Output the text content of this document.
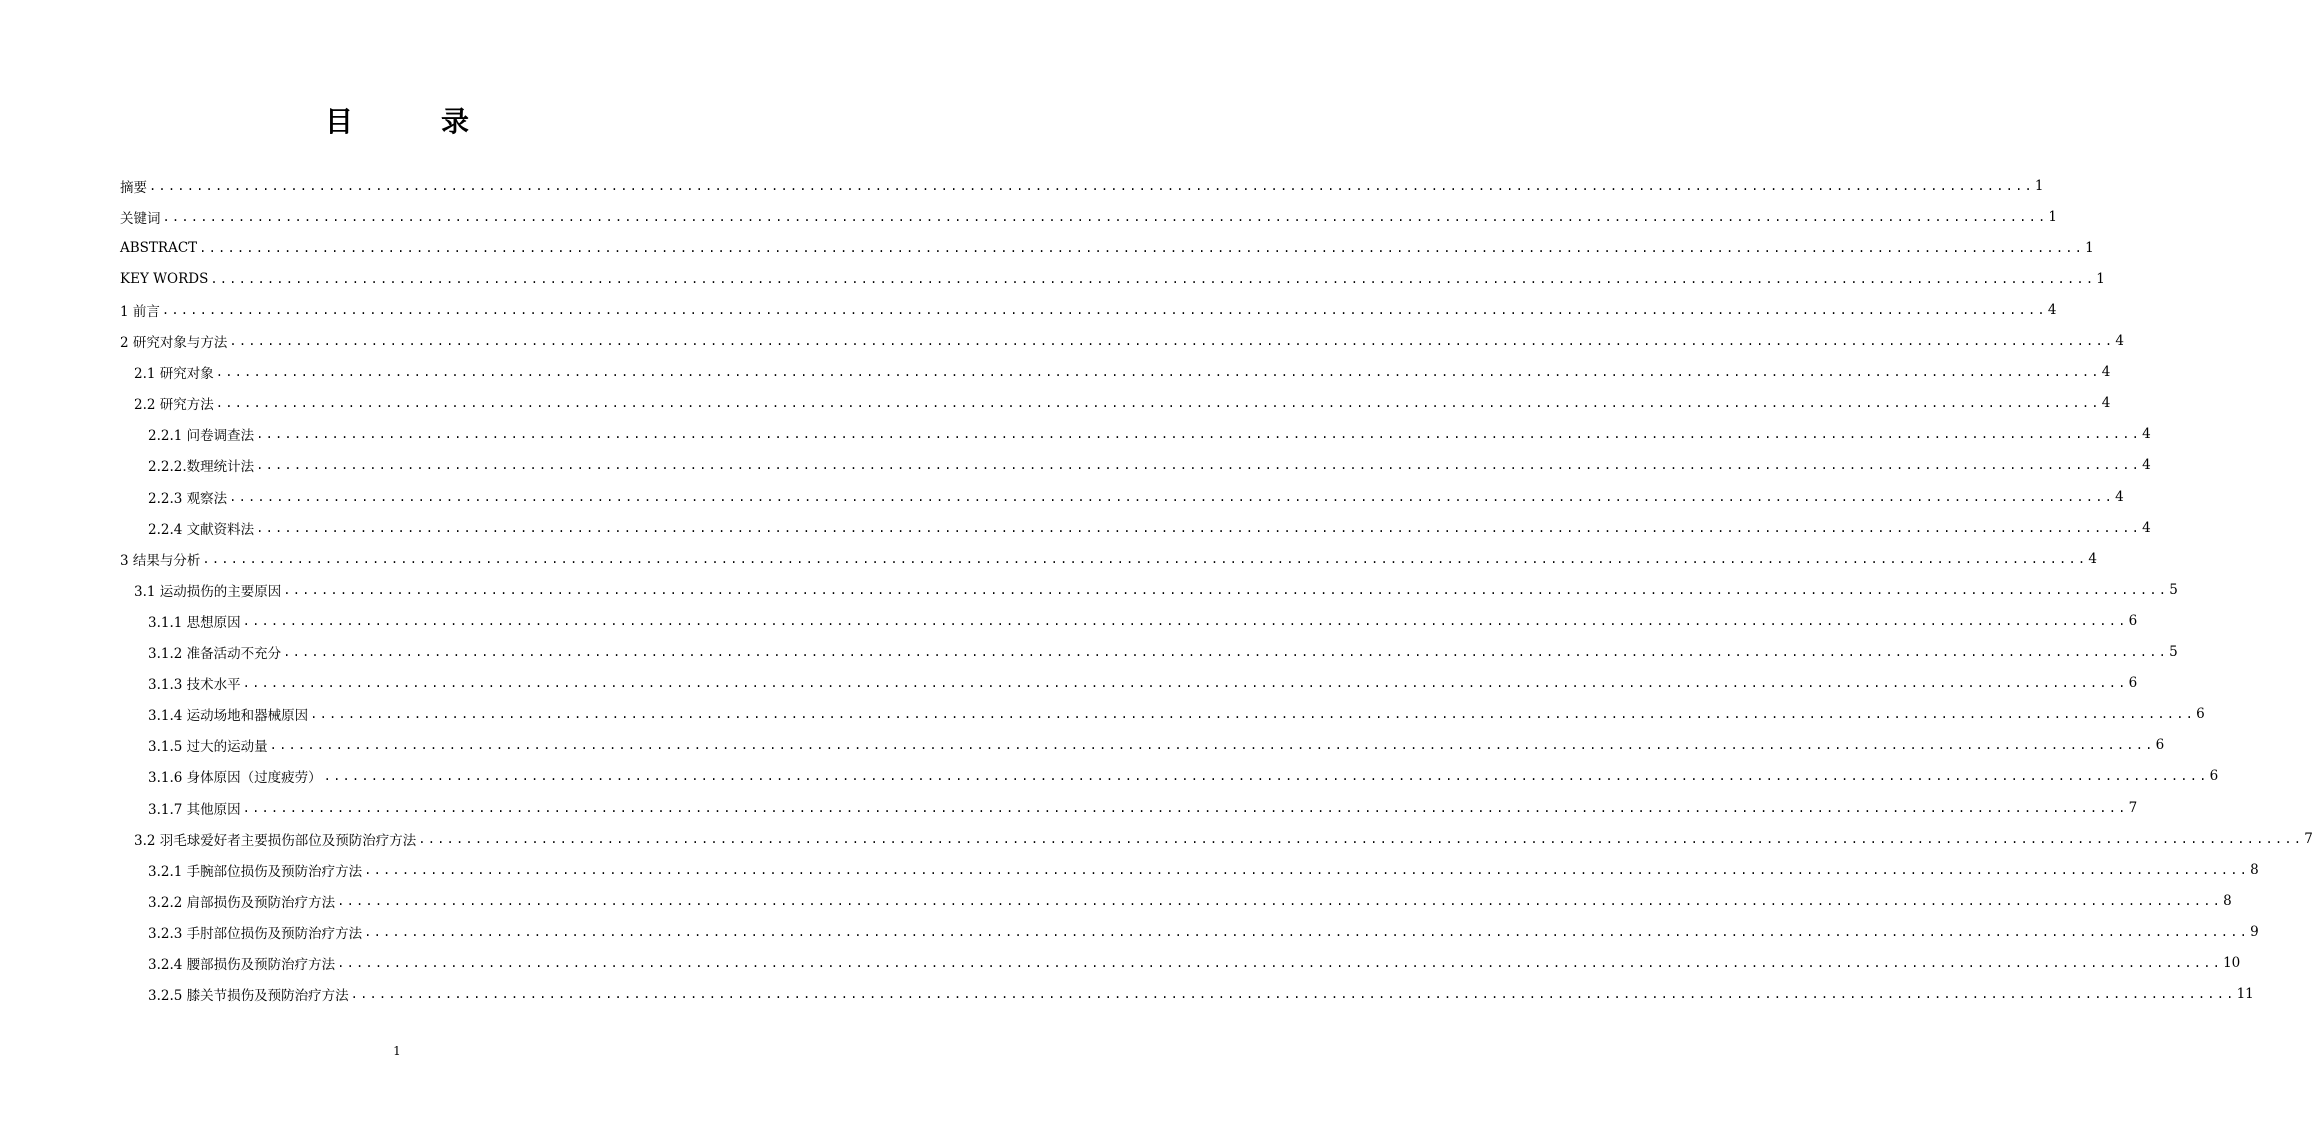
目　录
摘要 ........................................................................................................................................................................................................ 1
关键词 ........................................................................................................................................................................................................ 1
ABSTRACT ........................................................................................................................................................................................................ 1
KEY WORDS ........................................................................................................................................................................................................ 1
1 前言 ........................................................................................................................................................................................................ 4
2 研究对象与方法 ........................................................................................................................................................................................................ 4
2.1 研究对象 ........................................................................................................................................................................................................ 4
2.2 研究方法 ........................................................................................................................................................................................................ 4
2.2.1 问卷调查法 ........................................................................................................................................................................................................ 4
2.2.2.数理统计法 ........................................................................................................................................................................................................ 4
2.2.3 观察法 ........................................................................................................................................................................................................ 4
2.2.4 文献资料法 ........................................................................................................................................................................................................ 4
3 结果与分析 ........................................................................................................................................................................................................ 4
3.1 运动损伤的主要原因 ........................................................................................................................................................................................................ 5
3.1.1 思想原因 ........................................................................................................................................................................................................ 6
3.1.2 准备活动不充分 ........................................................................................................................................................................................................ 5
3.1.3 技术水平 ........................................................................................................................................................................................................ 6
3.1.4 运动场地和器械原因 ........................................................................................................................................................................................................ 6
3.1.5 过大的运动量 ........................................................................................................................................................................................................ 6
3.1.6 身体原因（过度疲劳） ........................................................................................................................................................................................................ 6
3.1.7 其他原因 ........................................................................................................................................................................................................ 7
3.2 羽毛球爱好者主要损伤部位及预防治疗方法 ........................................................................................................................................................................................................ 7
3.2.1 手腕部位损伤及预防治疗方法 ........................................................................................................................................................................................................ 8
3.2.2 肩部损伤及预防治疗方法 ........................................................................................................................................................................................................ 8
3.2.3 手肘部位损伤及预防治疗方法 ........................................................................................................................................................................................................ 9
3.2.4 腰部损伤及预防治疗方法 ........................................................................................................................................................................................................ 10
3.2.5 膝关节损伤及预防治疗方法 ........................................................................................................................................................................................................ 11
1
